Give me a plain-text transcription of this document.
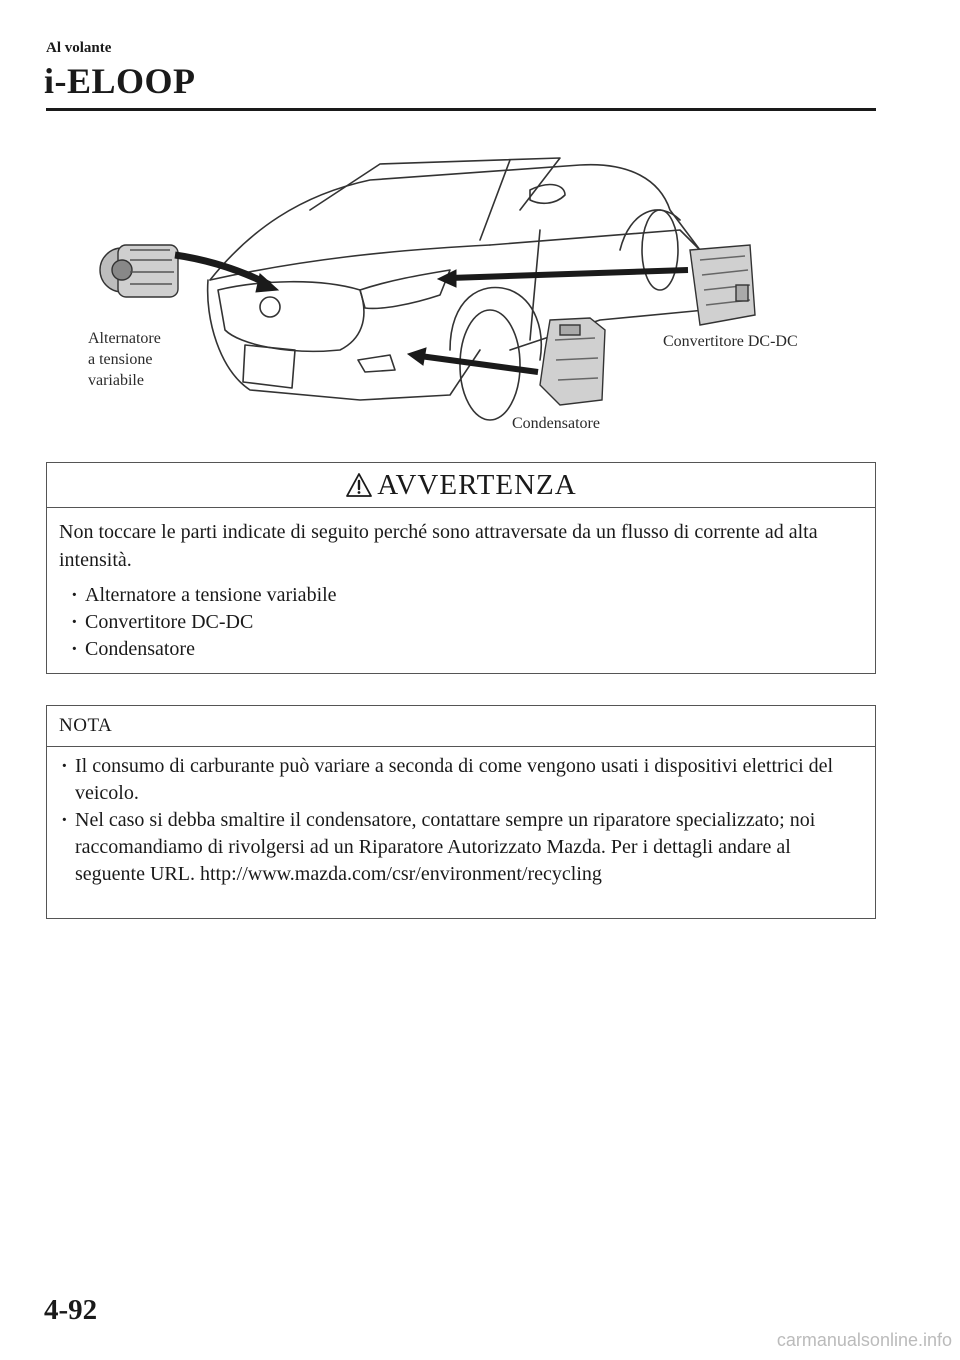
Al volante
i-ELOOP
Alternatore
a tensione
variabile
Convertitore DC-DC
Condensatore
AVVERTENZA

Non toccare le parti indicate di seguito perché sono attraversate da un flusso di corrente ad alta intensità.

· Alternatore a tensione variabile
· Convertitore DC-DC
· Condensatore
NOTA
· Il consumo di carburante può variare a seconda di come vengono usati i dispositivi elettrici del veicolo.
· Nel caso si debba smaltire il condensatore, contattare sempre un riparatore specializzato; noi raccomandiamo di rivolgersi ad un Riparatore Autorizzato Mazda. Per i dettagli andare al seguente URL. http://www.mazda.com/csr/environment/recycling
4-92
carmanualsonline.info
